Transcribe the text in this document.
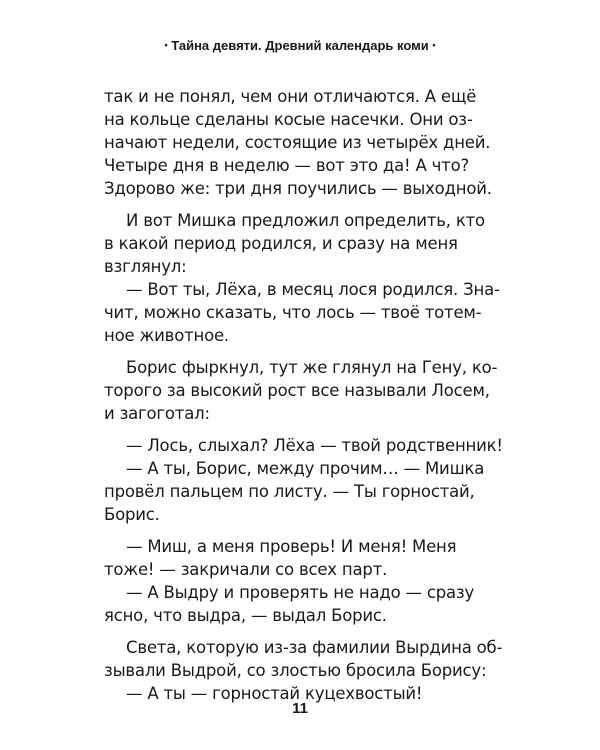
• Тайна девяти. Древний календарь коми •
так и не понял, чем они отличаются. А ещё
на кольце сделаны косые насечки. Они оз-
начают недели, состоящие из четырёх дней.
Четыре дня в неделю — вот это да! А что?
Здорово же: три дня поучились — выходной.
И вот Мишка предложил определить, кто
в какой период родился, и сразу на меня
взглянул:
— Вот ты, Лёха, в месяц лося родился. Зна-
чит, можно сказать, что лось — твоё тотем-
ное животное.
Борис фыркнул, тут же глянул на Гену, ко-
торого за высокий рост все называли Лосем,
и загоготал:
— Лось, слыхал? Лёха — твой родственник!
— А ты, Борис, между прочим… — Мишка
провёл пальцем по листу. — Ты горностай,
Борис.
— Миш, а меня проверь! И меня! Меня
тоже! — закричали со всех парт.
— А Выдру и проверять не надо — сразу
ясно, что выдра, — выдал Борис.
Света, которую из-за фамилии Вырдина об-
зывали Выдрой, со злостью бросила Борису:
— А ты — горностай куцехвостый!
11
